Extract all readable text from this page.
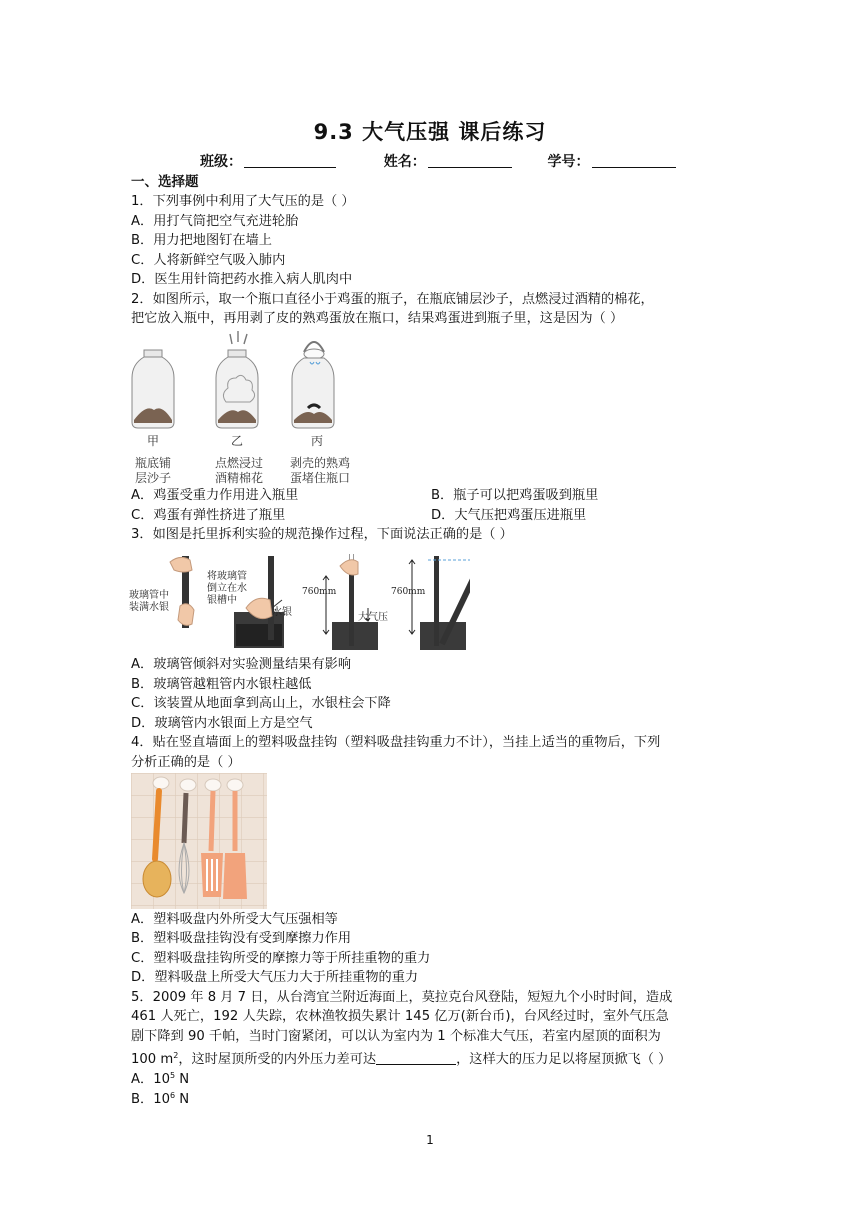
9.3 大气压强 课后练习
班级：	姓名：	学号：
一、选择题
1．下列事例中利用了大气压的是（ ）
A．用打气筒把空气充进轮胎
B．用力把地图钉在墙上
C．人将新鲜空气吸入肺内
D．医生用针筒把药水推入病人肌肉中
2．如图所示，取一个瓶口直径小于鸡蛋的瓶子，在瓶底铺层沙子，点燃浸过酒精的棉花，
把它放入瓶中，再用剥了皮的熟鸡蛋放在瓶口，结果鸡蛋进到瓶子里，这是因为（ ）
甲	乙	丙
瓶底铺
层沙子
点燃浸过
酒精棉花
剥壳的熟鸡
蛋堵住瓶口
A．鸡蛋受重力作用进入瓶里	B．瓶子可以把鸡蛋吸到瓶里
C．鸡蛋有弹性挤进了瓶里	D．大气压把鸡蛋压进瓶里
3．如图是托里拆利实验的规范操作过程，下面说法正确的是（ ）
玻璃管中
装满水银
将玻璃管
倒立在水
银槽中
水银
760mm
大气压
760mm
A．玻璃管倾斜对实验测量结果有影响
B．玻璃管越粗管内水银柱越低
C．该装置从地面拿到高山上，水银柱会下降
D．玻璃管内水银面上方是空气
4．贴在竖直墙面上的塑料吸盘挂钩（塑料吸盘挂钩重力不计），当挂上适当的重物后，下列
分析正确的是（ ）
A．塑料吸盘内外所受大气压强相等
B．塑料吸盘挂钩没有受到摩擦力作用
C．塑料吸盘挂钩所受的摩擦力等于所挂重物的重力
D．塑料吸盘上所受大气压力大于所挂重物的重力
5．2009 年 8 月 7 日，从台湾宜兰附近海面上，莫拉克台风登陆，短短九个小时时间，造成
461 人死亡，192 人失踪，农林渔牧损失累计 145 亿万(新台币)，台风经过时，室外气压急
剧下降到 90 千帕，当时门窗紧闭，可以认为室内为 1 个标准大气压，若室内屋顶的面积为
100 $m^2$，这时屋顶所受的内外压力差可达	，这样大的压力足以将屋顶掀飞（ ）
A．$10^5$ N
B．$10^6$ N
1
